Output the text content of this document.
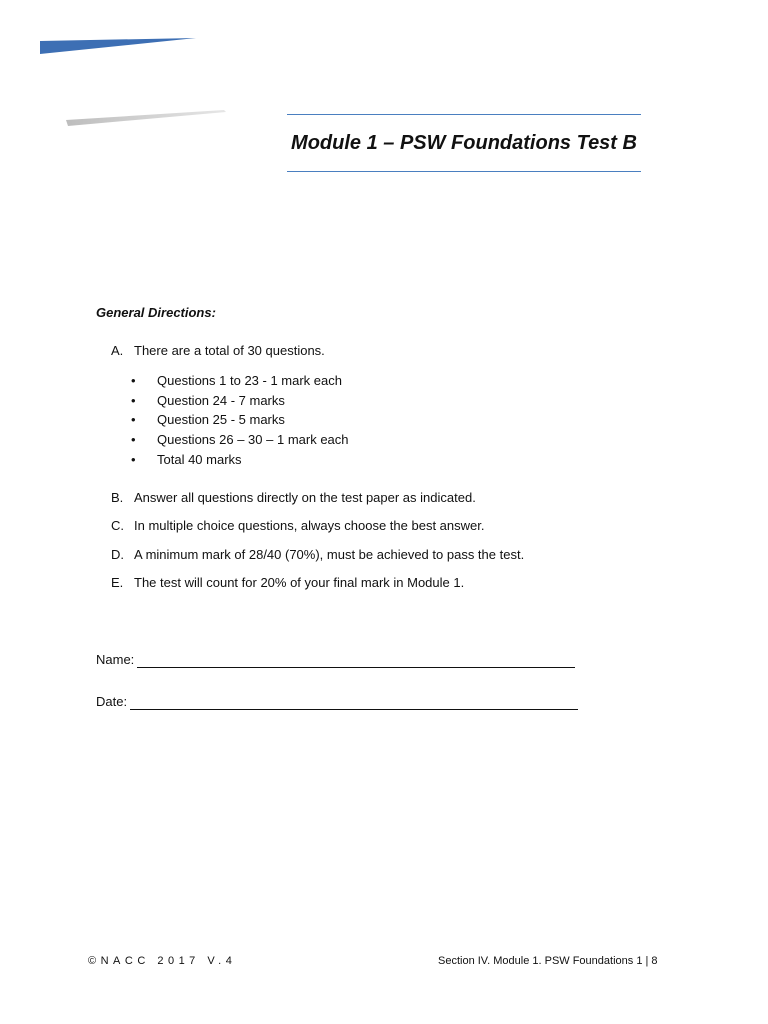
Module 1 – PSW Foundations Test B
General Directions:
A. There are a total of 30 questions.
• Questions 1 to 23 - 1 mark each
• Question 24 - 7 marks
• Question 25 - 5 marks
• Questions 26 – 30 – 1 mark each
• Total 40 marks
B. Answer all questions directly on the test paper as indicated.
C. In multiple choice questions, always choose the best answer.
D. A minimum mark of 28/40 (70%), must be achieved to pass the test.
E. The test will count for 20% of your final mark in Module 1.
Name:
Date:
©NACC 2017 V.4	Section IV. Module 1. PSW Foundations 1 | 8
